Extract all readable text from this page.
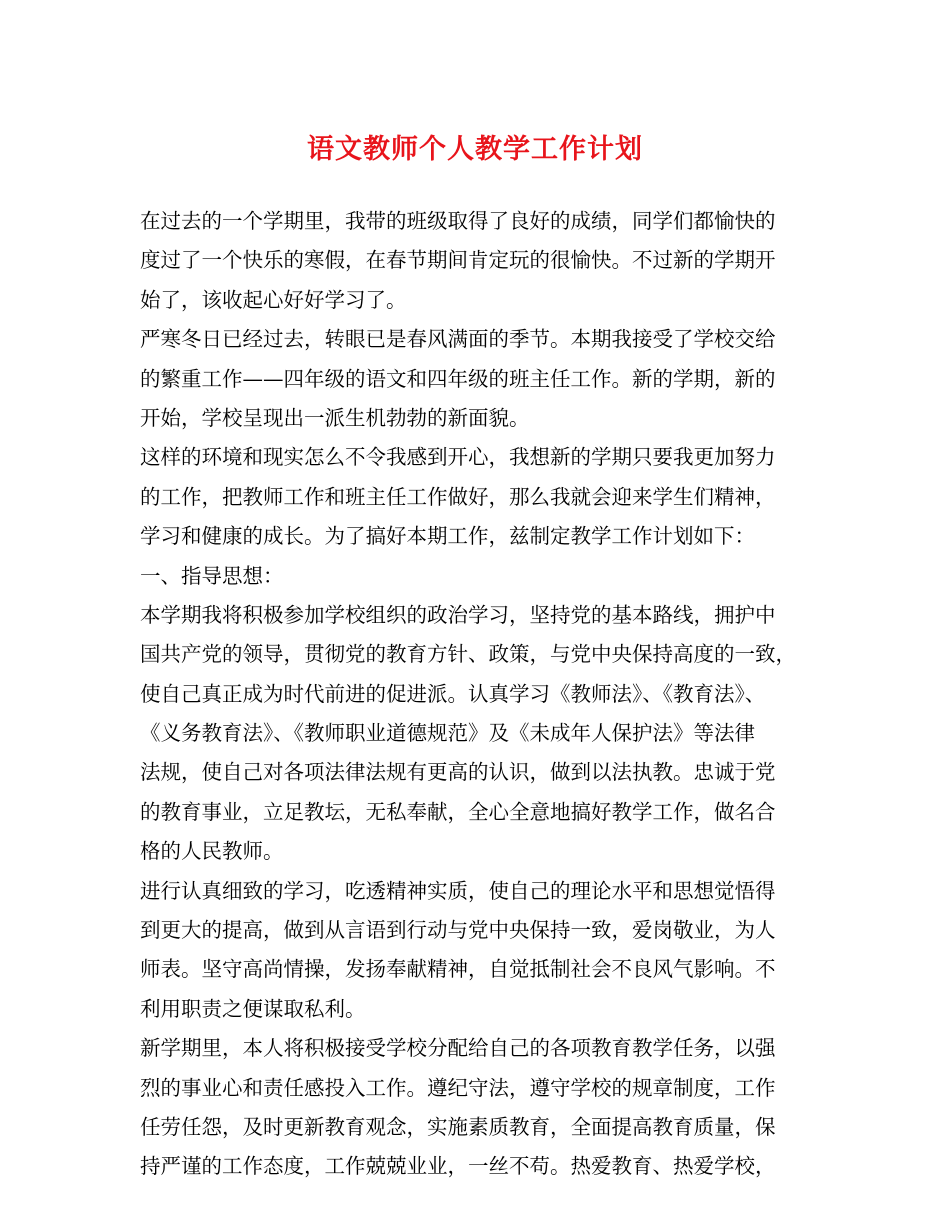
语文教师个人教学工作计划
在过去的一个学期里，我带的班级取得了良好的成绩，同学们都愉快的
度过了一个快乐的寒假，在春节期间肯定玩的很愉快。不过新的学期开
始了，该收起心好好学习了。
严寒冬日已经过去，转眼已是春风满面的季节。本期我接受了学校交给
的繁重工作——四年级的语文和四年级的班主任工作。新的学期，新的
开始，学校呈现出一派生机勃勃的新面貌。
这样的环境和现实怎么不令我感到开心，我想新的学期只要我更加努力
的工作，把教师工作和班主任工作做好，那么我就会迎来学生们精神，
学习和健康的成长。为了搞好本期工作，兹制定教学工作计划如下：
一、指导思想：
本学期我将积极参加学校组织的政治学习，坚持党的基本路线，拥护中
国共产党的领导，贯彻党的教育方针、政策，与党中央保持高度的一致，
使自己真正成为时代前进的促进派。认真学习《教师法》、《教育法》、
《义务教育法》、《教师职业道德规范》及《未成年人保护法》等法律
法规，使自己对各项法律法规有更高的认识，做到以法执教。忠诚于党
的教育事业，立足教坛，无私奉献，全心全意地搞好教学工作，做名合
格的人民教师。
进行认真细致的学习，吃透精神实质，使自己的理论水平和思想觉悟得
到更大的提高，做到从言语到行动与党中央保持一致，爱岗敬业，为人
师表。坚守高尚情操，发扬奉献精神，自觉抵制社会不良风气影响。不
利用职责之便谋取私利。
新学期里，本人将积极接受学校分配给自己的各项教育教学任务，以强
烈的事业心和责任感投入工作。遵纪守法，遵守学校的规章制度，工作
任劳任怨，及时更新教育观念，实施素质教育，全面提高教育质量，保
持严谨的工作态度，工作兢兢业业，一丝不苟。热爱教育、热爱学校，
